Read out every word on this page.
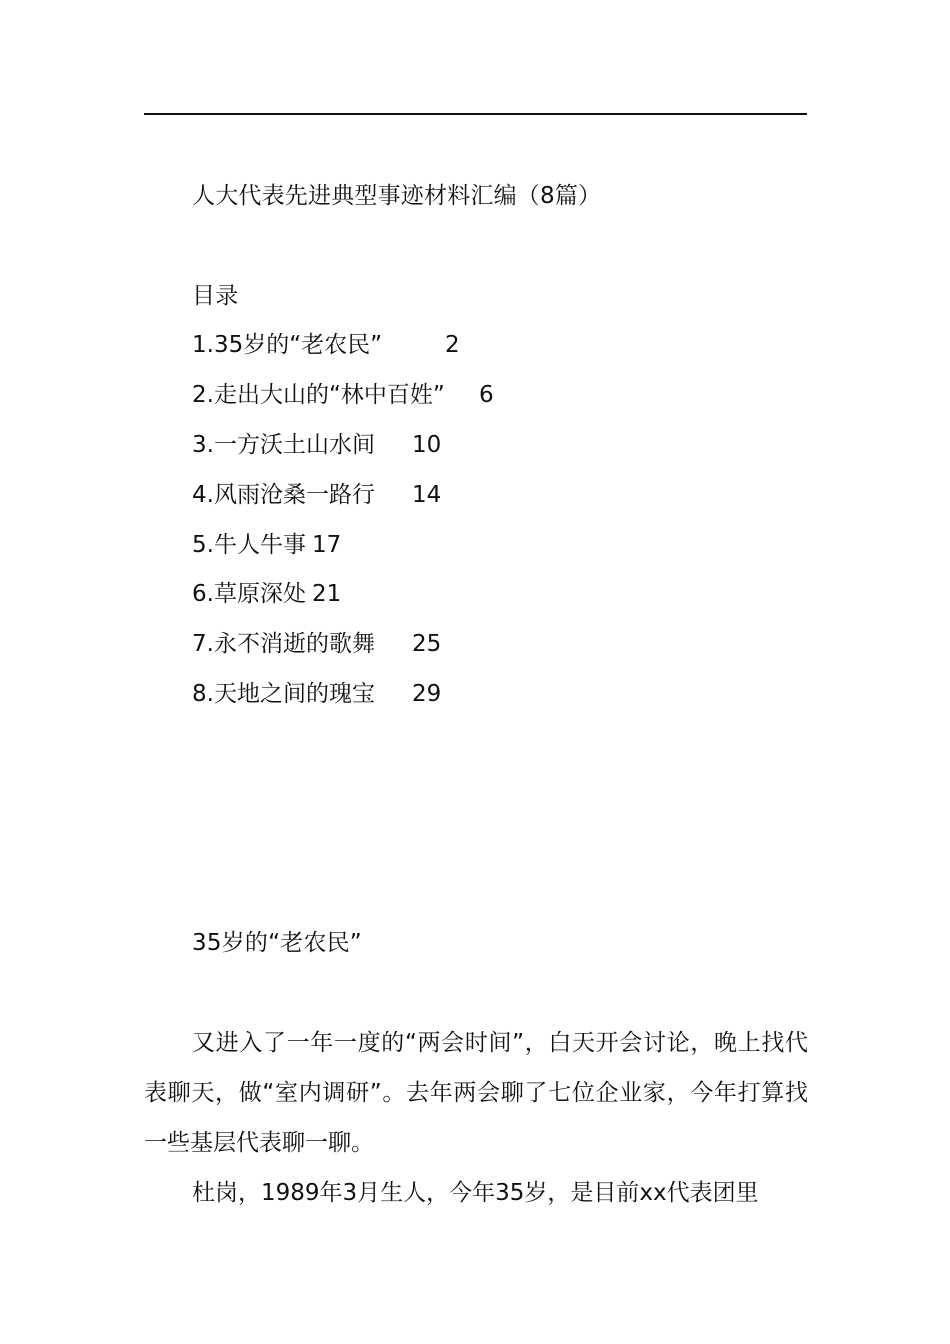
人大代表先进典型事迹材料汇编（8篇）
目录
1.35岁的“老农民”	2
2.走出大山的“林中百姓” 6
3.一方沃土山水间 10
4.风雨沧桑一路行 14
5.牛人牛事 17
6.草原深处 21
7.永不消逝的歌舞 25
8.天地之间的瑰宝 29
35岁的“老农民”

又进入了一年一度的“两会时间”，白天开会讨论，晚上找代表聊天，做“室内调研”。去年两会聊了七位企业家，今年打算找一些基层代表聊一聊。

杜岗，1989年3月生人，今年35岁，是目前xx代表团里
